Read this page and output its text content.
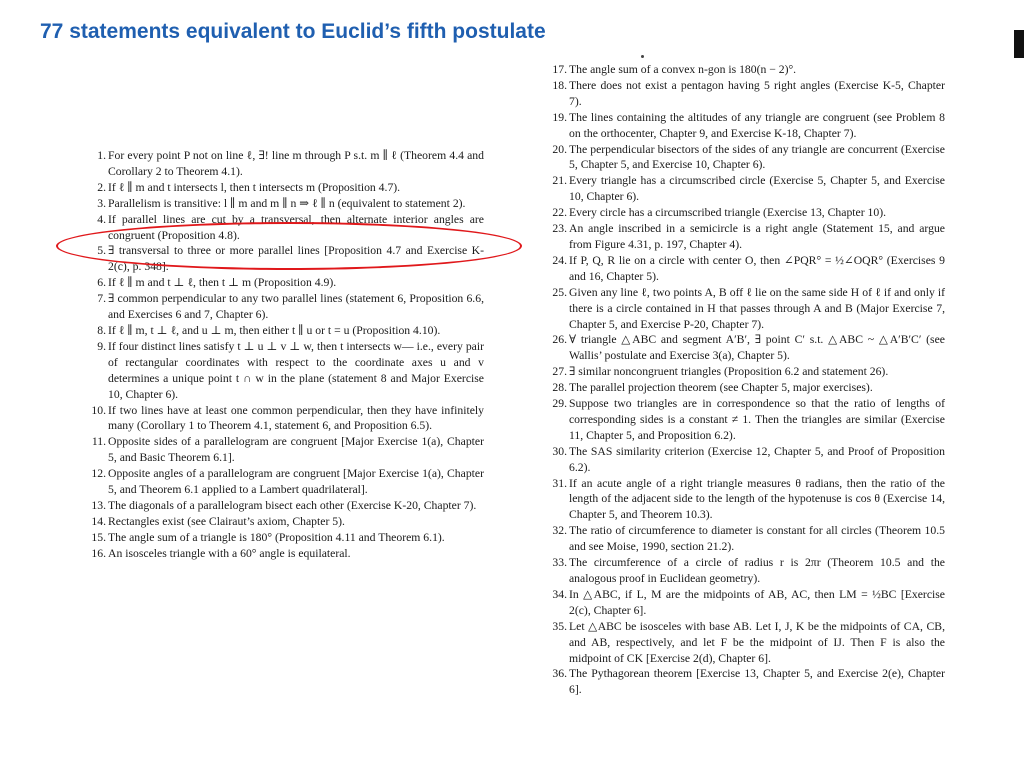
77 statements equivalent to Euclid’s fifth postulate
1. For every point P not on line ℓ, ∃! line m through P s.t. m ∥ ℓ (Theorem 4.4 and Corollary 2 to Theorem 4.1).
2. If ℓ ∥ m and t intersects l, then t intersects m (Proposition 4.7).
3. Parallelism is transitive: l ∥ m and m ∥ n ⇒ ℓ ∥ n (equivalent to statement 2).
4. If parallel lines are cut by a transversal, then alternate interior angles are congruent (Proposition 4.8).
5. ∃ transversal to three or more parallel lines [Proposition 4.7 and Exercise K-2(c), p. 348].
6. If ℓ ∥ m and t ⊥ ℓ, then t ⊥ m (Proposition 4.9).
7. ∃ common perpendicular to any two parallel lines (statement 6, Proposition 6.6, and Exercises 6 and 7, Chapter 6).
8. If ℓ ∥ m, t ⊥ ℓ, and u ⊥ m, then either t ∥ u or t = u (Proposition 4.10).
9. If four distinct lines satisfy t ⊥ u ⊥ v ⊥ w, then t intersects w— i.e., every pair of rectangular coordinates with respect to the coordinate axes u and v determines a unique point t ∩ w in the plane (statement 8 and Major Exercise 10, Chapter 6).
10. If two lines have at least one common perpendicular, then they have infinitely many (Corollary 1 to Theorem 4.1, statement 6, and Proposition 6.5).
11. Opposite sides of a parallelogram are congruent [Major Exercise 1(a), Chapter 5, and Basic Theorem 6.1].
12. Opposite angles of a parallelogram are congruent [Major Exercise 1(a), Chapter 5, and Theorem 6.1 applied to a Lambert quadrilateral].
13. The diagonals of a parallelogram bisect each other (Exercise K-20, Chapter 7).
14. Rectangles exist (see Clairaut’s axiom, Chapter 5).
15. The angle sum of a triangle is 180° (Proposition 4.11 and Theorem 6.1).
16. An isosceles triangle with a 60° angle is equilateral.
17. The angle sum of a convex n-gon is 180(n − 2)°.
18. There does not exist a pentagon having 5 right angles (Exercise K-5, Chapter 7).
19. The lines containing the altitudes of any triangle are congruent (see Problem 8 on the orthocenter, Chapter 9, and Exercise K-18, Chapter 7).
20. The perpendicular bisectors of the sides of any triangle are concurrent (Exercise 5, Chapter 5, and Exercise 10, Chapter 6).
21. Every triangle has a circumscribed circle (Exercise 5, Chapter 5, and Exercise 10, Chapter 6).
22. Every circle has a circumscribed triangle (Exercise 13, Chapter 10).
23. An angle inscribed in a semicircle is a right angle (Statement 15, and argue from Figure 4.31, p. 197, Chapter 4).
24. If P, Q, R lie on a circle with center O, then ∠PQR° = ½∠OQR° (Exercises 9 and 16, Chapter 5).
25. Given any line ℓ, two points A, B off ℓ lie on the same side H of ℓ if and only if there is a circle contained in H that passes through A and B (Major Exercise 7, Chapter 5, and Exercise P-20, Chapter 7).
26. ∀ triangle △ABC and segment A′B′, ∃ point C′ s.t. △ABC ~ △A′B′C′ (see Wallis’ postulate and Exercise 3(a), Chapter 5).
27. ∃ similar noncongruent triangles (Proposition 6.2 and statement 26).
28. The parallel projection theorem (see Chapter 5, major exercises).
29. Suppose two triangles are in correspondence so that the ratio of lengths of corresponding sides is a constant ≠ 1. Then the triangles are similar (Exercise 11, Chapter 5, and Proposition 6.2).
30. The SAS similarity criterion (Exercise 12, Chapter 5, and Proof of Proposition 6.2).
31. If an acute angle of a right triangle measures θ radians, then the ratio of the length of the adjacent side to the length of the hypotenuse is cos θ (Exercise 14, Chapter 5, and Theorem 10.3).
32. The ratio of circumference to diameter is constant for all circles (Theorem 10.5 and see Moise, 1990, section 21.2).
33. The circumference of a circle of radius r is 2πr (Theorem 10.5 and the analogous proof in Euclidean geometry).
34. In △ABC, if L, M are the midpoints of AB, AC, then LM = ½BC [Exercise 2(c), Chapter 6].
35. Let △ABC be isosceles with base AB. Let I, J, K be the midpoints of CA, CB, and AB, respectively, and let F be the midpoint of IJ. Then F is also the midpoint of CK [Exercise 2(d), Chapter 6].
36. The Pythagorean theorem [Exercise 13, Chapter 5, and Exercise 2(e), Chapter 6].
